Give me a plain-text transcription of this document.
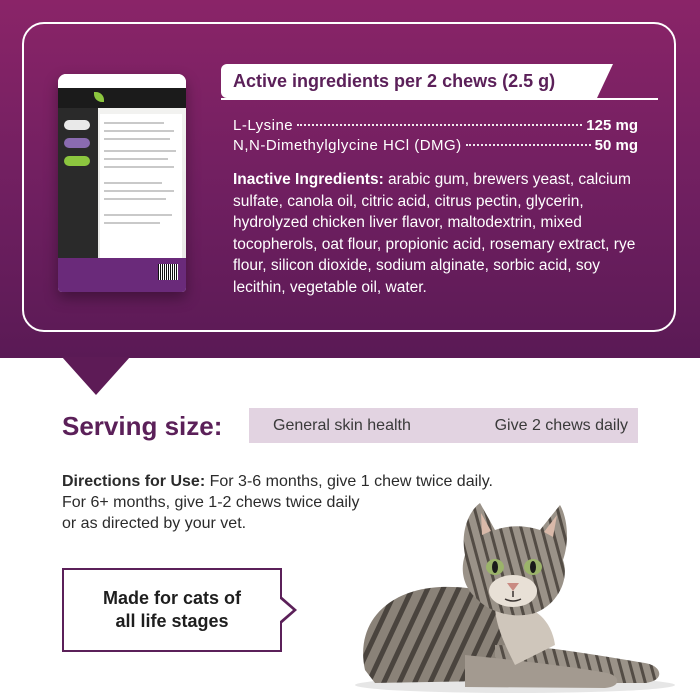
Active ingredients per 2 chews (2.5 g)
L-Lysine	125 mg
N,N-Dimethylglycine HCl (DMG)	50 mg
Inactive Ingredients: arabic gum, brewers yeast, calcium sulfate, canola oil, citric acid, citrus pectin, glycerin, hydrolyzed chicken liver flavor, maltodextrin, mixed tocopherols, oat flour, propionic acid, rosemary extract, rye flour, silicon dioxide, sodium alginate, sorbic acid, soy lecithin, vegetable oil, water.
Serving size:	General skin health	Give 2 chews daily
Directions for Use: For 3-6 months, give 1 chew twice daily.
For 6+ months, give 1-2 chews twice daily
or as directed by your vet.
Made for cats of
all life stages
